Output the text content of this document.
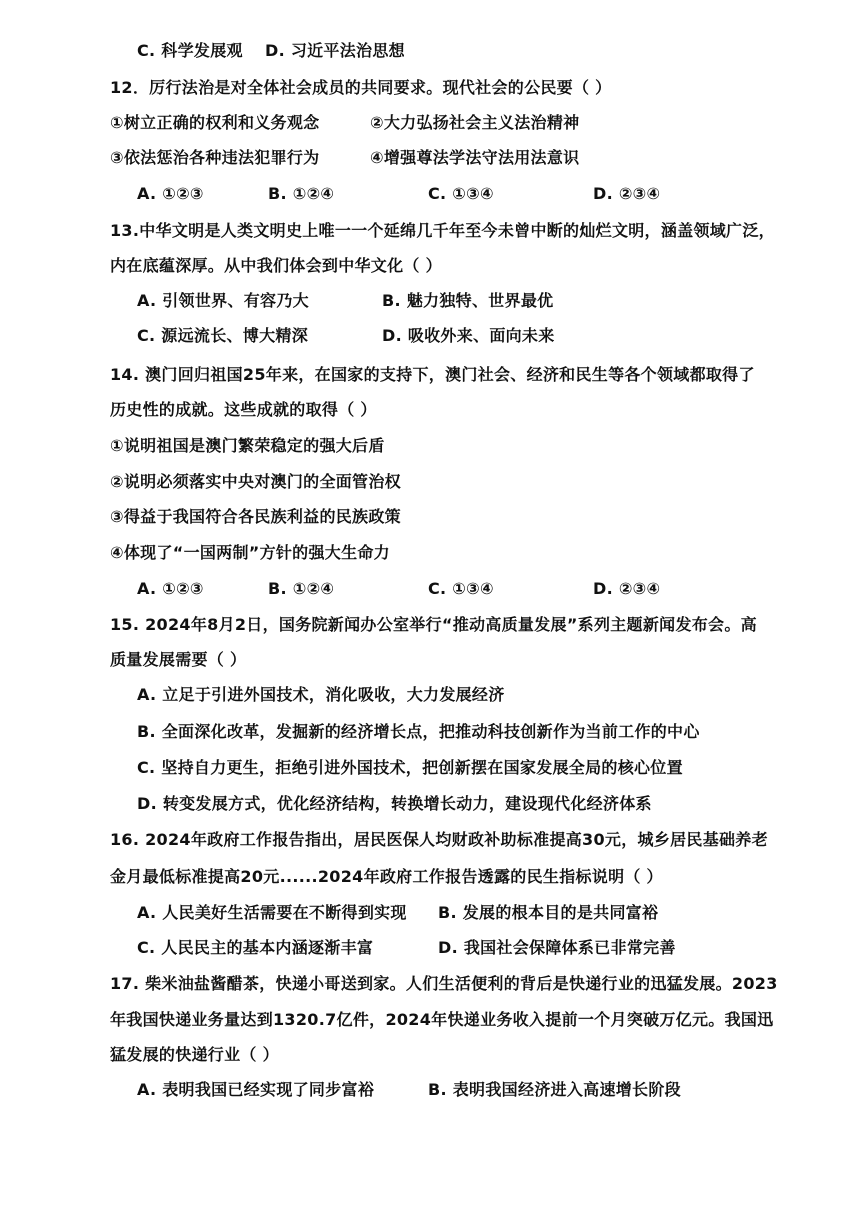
C. 科学发展观 D. 习近平法治思想
12．厉行法治是对全体社会成员的共同要求。现代社会的公民要（ ）
①树立正确的权利和义务观念	②大力弘扬社会主义法治精神
③依法惩治各种违法犯罪行为	④增强尊法学法守法用法意识
A. ①②③	B. ①②④	C. ①③④	D. ②③④
13.中华文明是人类文明史上唯一一个延绵几千年至今未曾中断的灿烂文明，涵盖领域广泛，
内在底蕴深厚。从中我们体会到中华文化（ ）
A. 引领世界、有容乃大	B. 魅力独特、世界最优
C. 源远流长、博大精深	D. 吸收外来、面向未来
14. 澳门回归祖国25年来，在国家的支持下，澳门社会、经济和民生等各个领域都取得了
历史性的成就。这些成就的取得（ ）
①说明祖国是澳门繁荣稳定的强大后盾
②说明必须落实中央对澳门的全面管治权
③得益于我国符合各民族利益的民族政策
④体现了“一国两制”方针的强大生命力
A. ①②③	B. ①②④	C. ①③④	D. ②③④
15. 2024年8月2日，国务院新闻办公室举行“推动高质量发展”系列主题新闻发布会。高
质量发展需要（ ）
A. 立足于引进外国技术，消化吸收，大力发展经济
B. 全面深化改革，发掘新的经济增长点，把推动科技创新作为当前工作的中心
C. 坚持自力更生，拒绝引进外国技术，把创新摆在国家发展全局的核心位置
D. 转变发展方式，优化经济结构，转换增长动力，建设现代化经济体系
16. 2024年政府工作报告指出，居民医保人均财政补助标准提高30元，城乡居民基础养老
金月最低标准提高20元......2024年政府工作报告透露的民生指标说明（ ）
A. 人民美好生活需要在不断得到实现 B. 发展的根本目的是共同富裕
C. 人民民主的基本内涵逐渐丰富	D. 我国社会保障体系已非常完善
17. 柴米油盐酱醋茶，快递小哥送到家。人们生活便利的背后是快递行业的迅猛发展。2023
年我国快递业务量达到1320.7亿件，2024年快递业务收入提前一个月突破万亿元。我国迅
猛发展的快递行业（ ）
A. 表明我国已经实现了同步富裕	B. 表明我国经济进入高速增长阶段
